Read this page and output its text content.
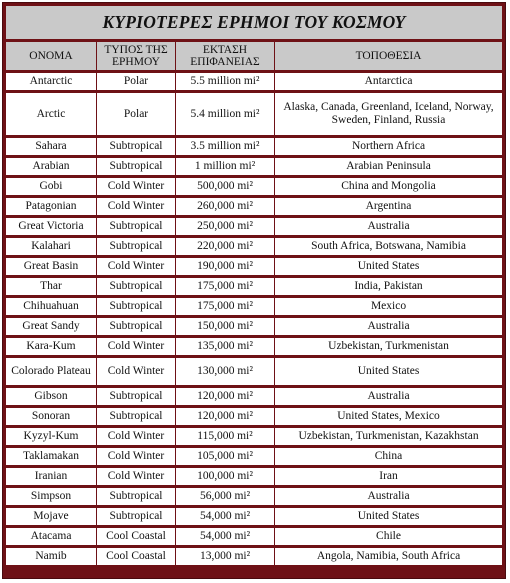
ΚΥΡΙΟΤΕΡΕΣ ΕΡΗΜΟΙ ΤΟΥ ΚΟΣΜΟΥ			
ΟΝΟΜΑ	ΤΥΠΟΣ ΤΗΣ ΕΡΗΜΟΥ	ΕΚΤΑΣΗ ΕΠΙΦΑΝΕΙΑΣ	ΤΟΠΟΘΕΣΙΑ
Antarctic	Polar	5.5 million mi²	Antarctica
Arctic	Polar	5.4 million mi²	Alaska, Canada, Greenland, Iceland, Norway,
Sweden, Finland, Russia
Sahara	Subtropical	3.5 million mi²	Northern Africa
Arabian	Subtropical	1 million mi²	Arabian Peninsula
Gobi	Cold Winter	500,000 mi²	China and Mongolia
Patagonian	Cold Winter	260,000 mi²	Argentina
Great Victoria	Subtropical	250,000 mi²	Australia
Kalahari	Subtropical	220,000 mi²	South Africa, Botswana, Namibia
Great Basin	Cold Winter	190,000 mi²	United States
Thar	Subtropical	175,000 mi²	India, Pakistan
Chihuahuan	Subtropical	175,000 mi²	Mexico
Great Sandy	Subtropical	150,000 mi²	Australia
Kara-Kum	Cold Winter	135,000 mi²	Uzbekistan, Turkmenistan
Colorado Plateau	Cold Winter	130,000 mi²	United States
Gibson	Subtropical	120,000 mi²	Australia
Sonoran	Subtropical	120,000 mi²	United States, Mexico
Kyzyl-Kum	Cold Winter	115,000 mi²	Uzbekistan, Turkmenistan, Kazakhstan
Taklamakan	Cold Winter	105,000 mi²	China
Iranian	Cold Winter	100,000 mi²	Iran
Simpson	Subtropical	56,000 mi²	Australia
Mojave	Subtropical	54,000 mi²	United States
Atacama	Cool Coastal	54,000 mi²	Chile
Namib	Cool Coastal	13,000 mi²	Angola, Namibia, South Africa
